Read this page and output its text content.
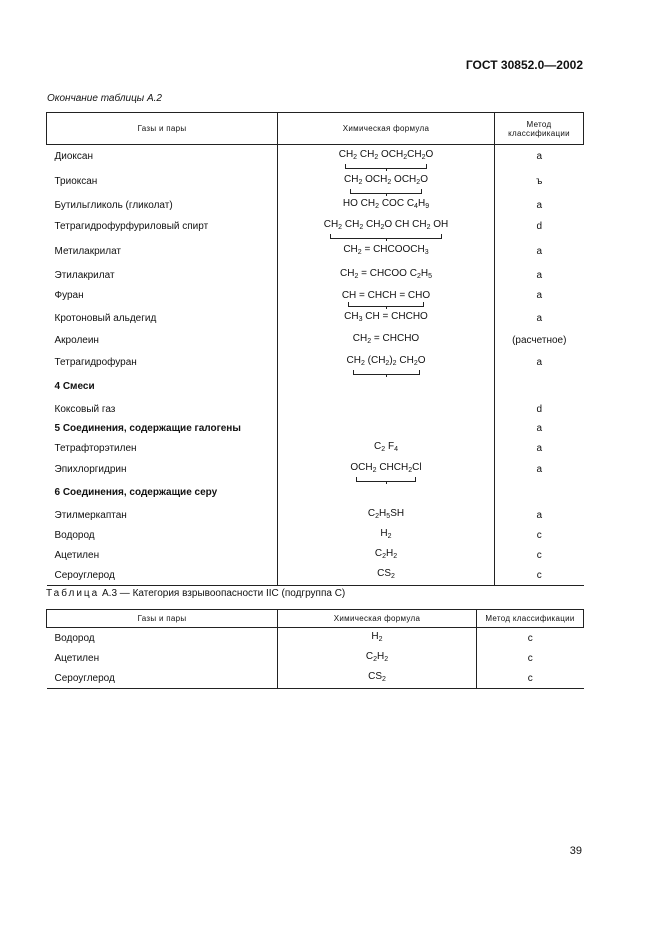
ГОСТ 30852.0—2002
Окончание таблицы А.2
Газы и пары	Химическая формула	Метод классификации
Диоксан	$CH_2$ $CH_2$ $OCH_2CH_2O$	a
Триоксан	$CH_2$ $OCH_2$ $OCH_2O$	ъ
Бутильгликоль (гликолат)	HO $CH_2$ COC $C_4H_9$	a
Тетрагидрофурфуриловый спирт	$CH_2$ $CH_2$ $CH_2O$ CH $CH_2$ OH	d
Метилакрилат	$CH_2$ = $CHCOOCH_3$	a
Этилакрилат	$CH_2$ = CHCOO $C_2H_5$	a
Фуран	CH = CHCH = CHO	a
Кротоновый альдегид	$CH_3$ CH = CHCHO	a
Акролеин	$CH_2$ = CHCHO	(расчетное)
Тетрагидрофуран	$CH_2$ $(CH_2)_2$ $CH_2O$	a
4 Смеси		
Коксовый газ		d
5 Соединения, содержащие галогены		a
Тетрафторэтилен	$C_2$ $F_4$	a
Эпихлоргидрин	$OCH_2$ $CHCH_2Cl$	a
6 Соединения, содержащие серу		
Этилмеркаптан	$C_2H_5SH$	a
Водород	$H_2$	c
Ацетилен	$C_2H_2$	c
Сероуглерод	$CS_2$	c
Таблица А.3 — Категория взрывоопасности IIC (подгруппа С)
Газы и пары	Химическая формула	Метод классификации
Водород	$H_2$	c
Ацетилен	$C_2H_2$	c
Сероуглерод	$CS_2$	c
39
